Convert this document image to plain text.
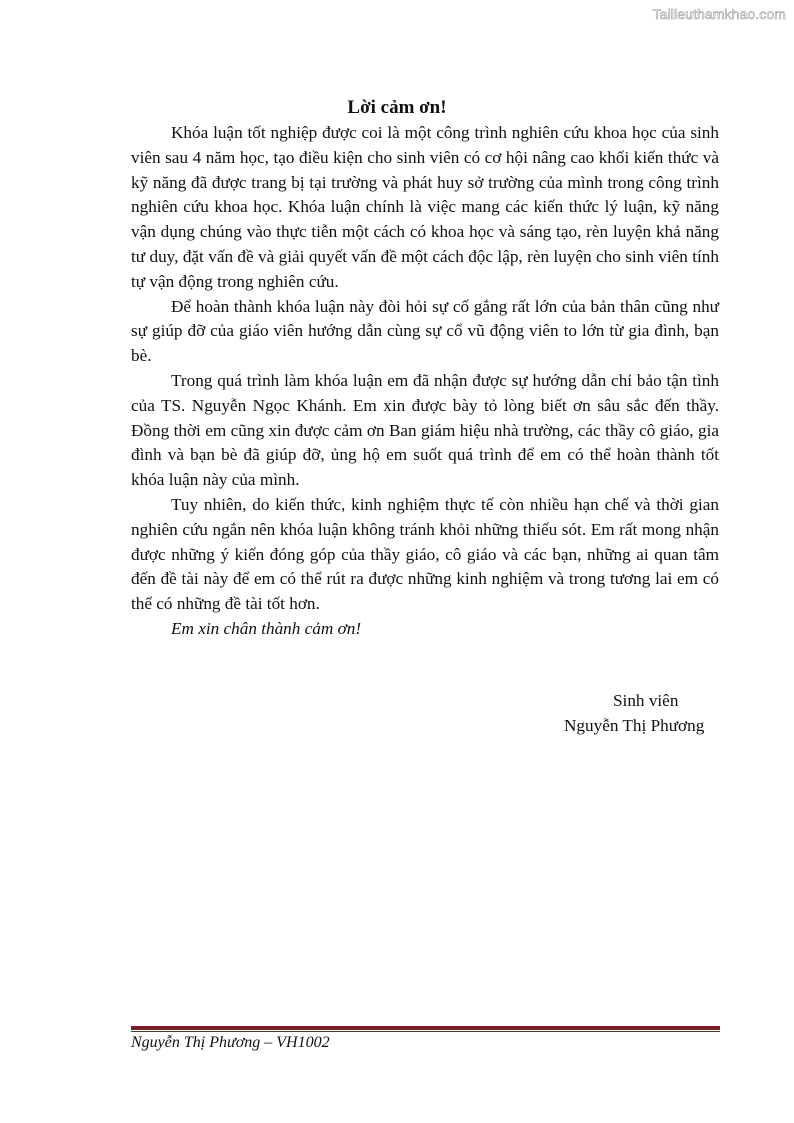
Tailieuthamkhao.com
Lời cảm ơn!

Khóa luận tốt nghiệp được coi là một công trình nghiên cứu khoa học của sinh viên sau 4 năm học, tạo điều kiện cho sinh viên có cơ hội nâng cao khối kiến thức và kỹ năng đã được trang bị tại trường và phát huy sở trường của mình trong công trình nghiên cứu khoa học. Khóa luận chính là việc mang các kiến thức lý luận, kỹ năng vận dụng chúng vào thực tiễn một cách có khoa học và sáng tạo, rèn luyện khả năng tư duy, đặt vấn đề và giải quyết vấn đề một cách độc lập, rèn luyện cho sinh viên tính tự vận động trong nghiên cứu.

Để hoàn thành khóa luận này đòi hỏi sự cố gắng rất lớn của bản thân cũng như sự giúp đỡ của giáo viên hướng dẫn cùng sự cổ vũ động viên to lớn từ gia đình, bạn bè.

Trong quá trình làm khóa luận em đã nhận được sự hướng dẫn chỉ bảo tận tình của TS. Nguyễn Ngọc Khánh. Em xin được bày tỏ lòng biết ơn sâu sắc đến thầy. Đồng thời em cũng xin được cảm ơn Ban giám hiệu nhà trường, các thầy cô giáo, gia đình và bạn bè đã giúp đỡ, ủng hộ em suốt quá trình để em có thể hoàn thành tốt khóa luận này của mình.

Tuy nhiên, do kiến thức, kinh nghiệm thực tế còn nhiều hạn chế và thời gian nghiên cứu ngắn nên khóa luận không tránh khỏi những thiếu sót. Em rất mong nhận được những ý kiến đóng góp của thầy giáo, cô giáo và các bạn, những ai quan tâm đến đề tài này để em có thể rút ra được những kinh nghiệm và trong tương lai em có thể có những đề tài tốt hơn.

Em xin chân thành cảm ơn!

Sinh viên
Nguyễn Thị Phương
Nguyễn Thị Phương – VH1002
